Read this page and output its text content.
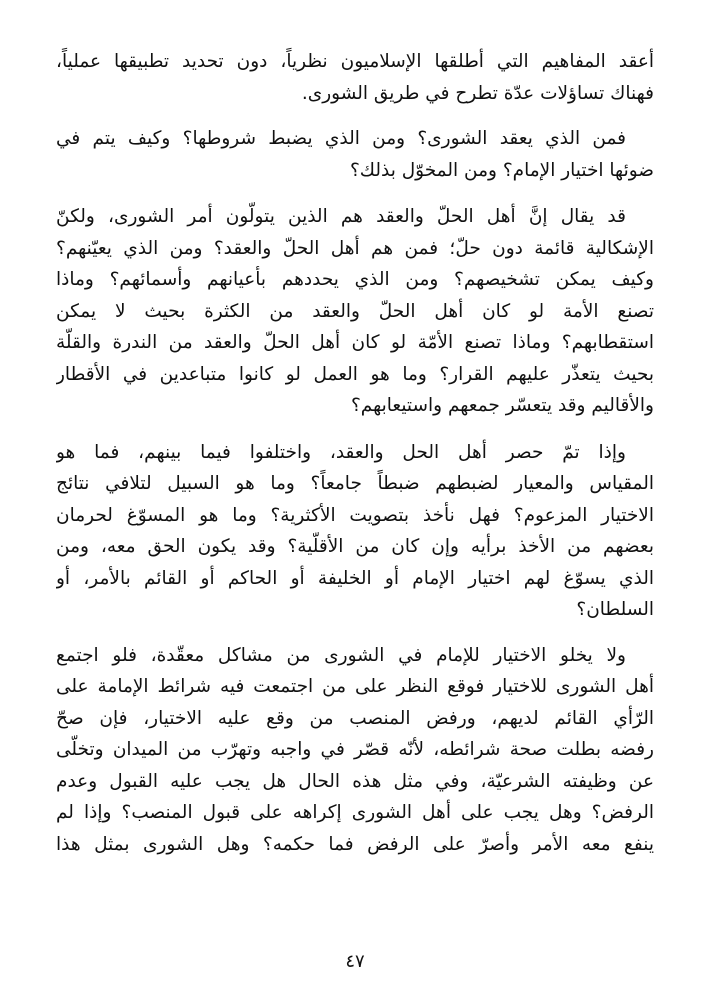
أعقد المفاهيم التي أطلقها الإسلاميون نظرياً، دون تحديد تطبيقها عملياً،
فهناك تساؤلات عدّة تطرح في طريق الشورى.
فمن الذي يعقد الشورى؟ ومن الذي يضبط شروطها؟ وكيف يتم في
ضوئها اختيار الإمام؟ ومن المخوّل بذلك؟
قد يقال إنَّ أهل الحلّ والعقد هم الذين يتولّون أمر الشورى، ولكنّ
الإشكالية قائمة دون حلّ؛ فمن هم أهل الحلّ والعقد؟ ومن الذي يعيّنهم؟
وكيف يمكن تشخيصهم؟ ومن الذي يحددهم بأعيانهم وأسمائهم؟ وماذا
تصنع الأمة لو كان أهل الحلّ والعقد من الكثرة بحيث لا يمكن
استقطابهم؟ وماذا تصنع الأمّة لو كان أهل الحلّ والعقد من الندرة والقلّة
بحيث يتعذّر عليهم القرار؟ وما هو العمل لو كانوا متباعدين في الأقطار
والأقاليم وقد يتعسّر جمعهم واستيعابهم؟
وإذا تمّ حصر أهل الحل والعقد، واختلفوا فيما بينهم، فما هو
المقياس والمعيار لضبطهم ضبطاً جامعاً؟ وما هو السبيل لتلافي نتائج
الاختيار المزعوم؟ فهل نأخذ بتصويت الأكثرية؟ وما هو المسوّغ لحرمان
بعضهم من الأخذ برأيه وإن كان من الأقلّية؟ وقد يكون الحق معه، ومن
الذي يسوّغ لهم اختيار الإمام أو الخليفة أو الحاكم أو القائم بالأمر، أو
السلطان؟
ولا يخلو الاختيار للإمام في الشورى من مشاكل معقّدة، فلو اجتمع
أهل الشورى للاختيار فوقع النظر على من اجتمعت فيه شرائط الإمامة على
الرّأي القائم لديهم، ورفض المنصب من وقع عليه الاختيار، فإن صحّ
رفضه بطلت صحة شرائطه، لأنّه قصّر في واجبه وتهرّب من الميدان وتخلّى
عن وظيفته الشرعيّة، وفي مثل هذه الحال هل يجب عليه القبول وعدم
الرفض؟ وهل يجب على أهل الشورى إكراهه على قبول المنصب؟ وإذا لم
ينفع معه الأمر وأصرّ على الرفض فما حكمه؟ وهل الشورى بمثل هذا
٤٧
